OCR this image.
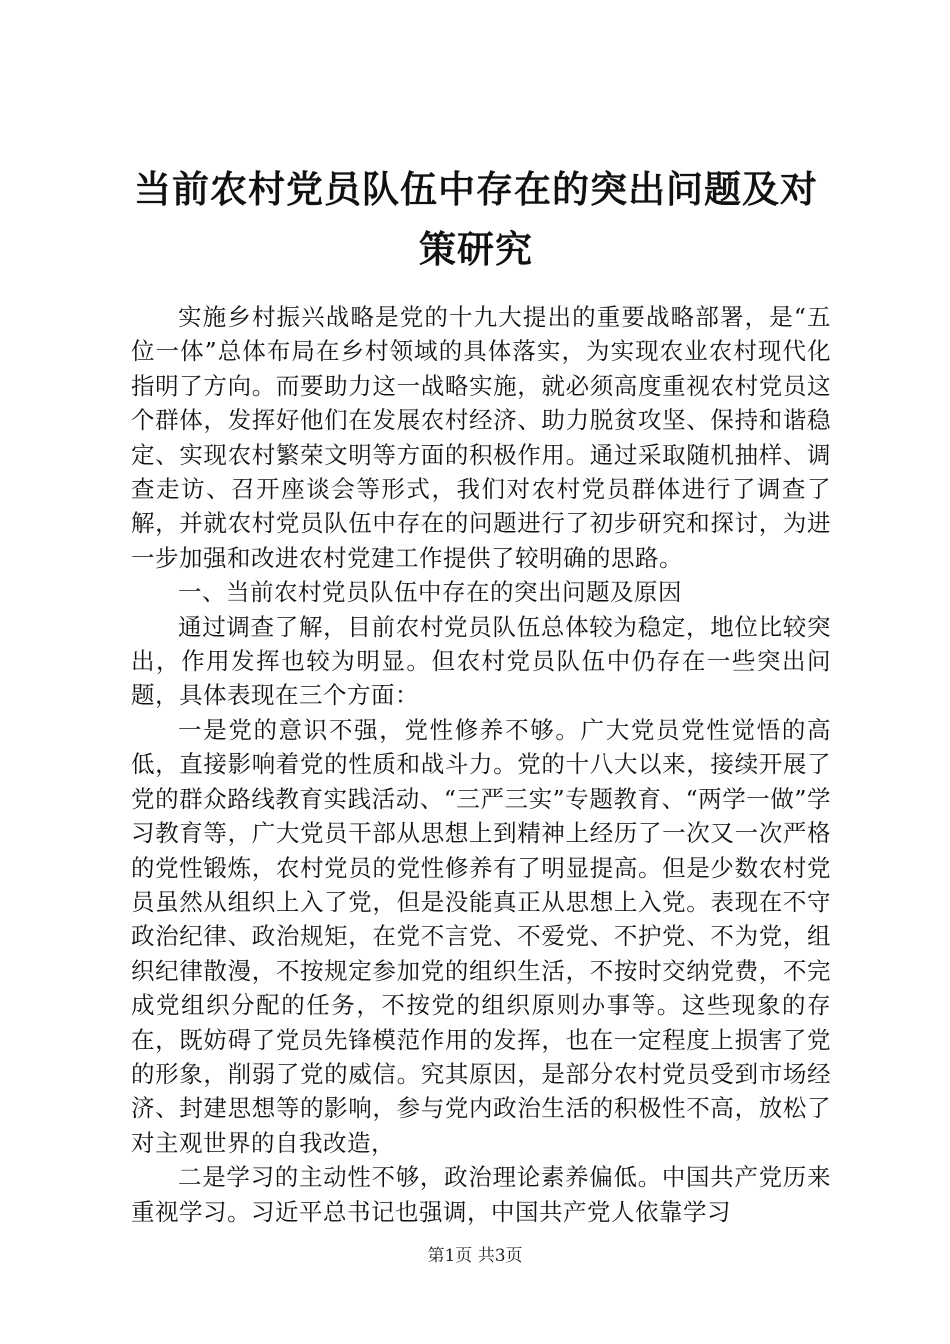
当前农村党员队伍中存在的突出问题及对策研究

实施乡村振兴战略是党的十九大提出的重要战略部署，是“五位一体”总体布局在乡村领域的具体落实，为实现农业农村现代化指明了方向。而要助力这一战略实施，就必须高度重视农村党员这个群体，发挥好他们在发展农村经济、助力脱贫攻坚、保持和谐稳定、实现农村繁荣文明等方面的积极作用。通过采取随机抽样、调查走访、召开座谈会等形式，我们对农村党员群体进行了调查了解，并就农村党员队伍中存在的问题进行了初步研究和探讨，为进一步加强和改进农村党建工作提供了较明确的思路。

一、当前农村党员队伍中存在的突出问题及原因

通过调查了解，目前农村党员队伍总体较为稳定，地位比较突出，作用发挥也较为明显。但农村党员队伍中仍存在一些突出问题，具体表现在三个方面：

一是党的意识不强，党性修养不够。广大党员党性觉悟的高低，直接影响着党的性质和战斗力。党的十八大以来，接续开展了党的群众路线教育实践活动、“三严三实”专题教育、“两学一做”学习教育等，广大党员干部从思想上到精神上经历了一次又一次严格的党性锻炼，农村党员的党性修养有了明显提高。但是少数农村党员虽然从组织上入了党，但是没能真正从思想上入党。表现在不守政治纪律、政治规矩，在党不言党、不爱党、不护党、不为党，组织纪律散漫，不按规定参加党的组织生活，不按时交纳党费，不完成党组织分配的任务，不按党的组织原则办事等。这些现象的存在，既妨碍了党员先锋模范作用的发挥，也在一定程度上损害了党的形象，削弱了党的威信。究其原因，是部分农村党员受到市场经济、封建思想等的影响，参与党内政治生活的积极性不高，放松了对主观世界的自我改造，

二是学习的主动性不够，政治理论素养偏低。中国共产党历来重视学习。习近平总书记也强调，中国共产党人依靠学习

第1页 共3页
